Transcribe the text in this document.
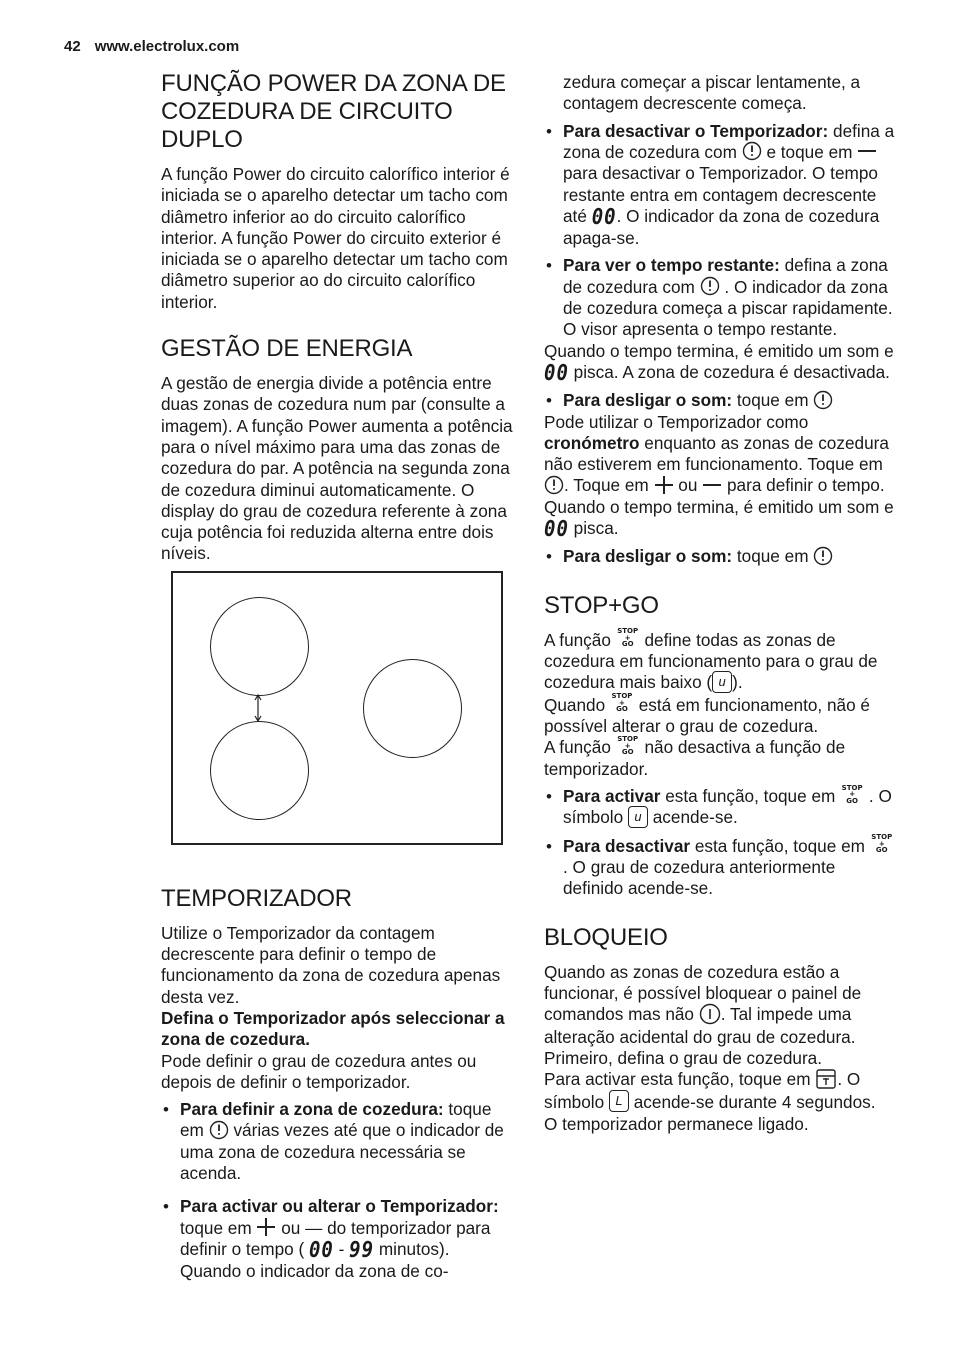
42 www.electrolux.com
FUNÇÃO POWER DA ZONA DE COZEDURA DE CIRCUITO DUPLO

A função Power do circuito calorífico interior é iniciada se o aparelho detectar um tacho com diâmetro inferior ao do circuito calorífico interior. A função Power do circuito exterior é iniciada se o aparelho detectar um tacho com diâmetro superior ao do circuito calorífico interior.

GESTÃO DE ENERGIA

A gestão de energia divide a potência entre duas zonas de cozedura num par (consulte a imagem). A função Power aumenta a potência para o nível máximo para uma das zonas de cozedura do par. A potência na segunda zona de cozedura diminui automaticamente. O display do grau de cozedura referente à zona cuja potência foi reduzida alterna entre dois níveis.

TEMPORIZADOR

Utilize o Temporizador da contagem decrescente para definir o tempo de funcionamento da zona de cozedura apenas desta vez.

Defina o Temporizador após seleccionar a zona de cozedura.

Pode definir o grau de cozedura antes ou depois de definir o temporizador.

• Para definir a zona de cozedura: toque em várias vezes até que o indicador de uma zona de cozedura necessária se acenda.
• Para activar ou alterar o Temporizador: toque em ou — do temporizador para definir o tempo ( 00 - 99 minutos). Quando o indicador da zona de co-

zedura começar a piscar lentamente, a contagem decrescente começa.

• Para desactivar o Temporizador: defina a zona de cozedura com e toque em  para desactivar o Temporizador. O tempo restante entra em contagem decrescente até 00. O indicador da zona de cozedura apaga-se.
• Para ver o tempo restante: defina a zona de cozedura com . O indicador da zona de cozedura começa a piscar rapidamente. O visor apresenta o tempo restante.

Quando o tempo termina, é emitido um som e 00 pisca. A zona de cozedura é desactivada.

• Para desligar o som: toque em

Pode utilizar o Temporizador como cronómetro enquanto as zonas de cozedura não estiverem em funcionamento. Toque em . Toque em ou para definir o tempo. Quando o tempo termina, é emitido um som e 00 pisca.

• Para desligar o som: toque em
STOP+GO

A função STOP
+
GO define todas as zonas de cozedura em funcionamento para o grau de cozedura mais baixo ( u ).

Quando STOP
+
GO está em funcionamento, não é possível alterar o grau de cozedura.

A função STOP
+
GO não desactiva a função de temporizador.

• Para activar esta função, toque em STOP
+
GO . O símbolo u acende-se.
• Para desactivar esta função, toque em STOP
+
GO. O grau de cozedura anteriormente definido acende-se.
BLOQUEIO

Quando as zonas de cozedura estão a funcionar, é possível bloquear o painel de comandos mas não . Tal impede uma alteração acidental do grau de cozedura. Primeiro, defina o grau de cozedura.

Para activar esta função, toque em . O símbolo L acende-se durante 4 segundos.

O temporizador permanece ligado.
